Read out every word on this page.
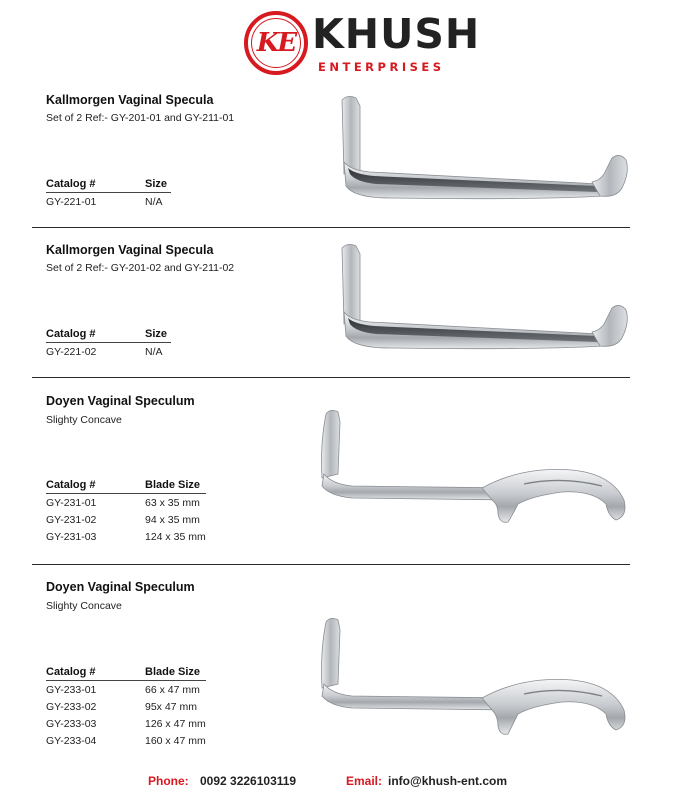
KE KHUSH
ENTERPRISES
Kallmorgen Vaginal Specula
Set of 2 Ref:- GY-201-01 and GY-211-01
Catalog #	Size
GY-221-01	N/A
Kallmorgen Vaginal Specula
Set of 2 Ref:- GY-201-02 and GY-211-02
Catalog #	Size
GY-221-02	N/A
Doyen Vaginal Speculum
Slighty Concave
Catalog #	Blade Size
GY-231-01	63 x 35 mm
GY-231-02	94 x 35 mm
GY-231-03	124 x 35 mm
Doyen Vaginal Speculum
Slighty Concave
Catalog #	Blade Size
GY-233-01	66 x 47 mm
GY-233-02	95x 47 mm
GY-233-03	126 x 47 mm
GY-233-04	160 x 47 mm
Phone: 0092 3226103119	Email: info@khush-ent.com
